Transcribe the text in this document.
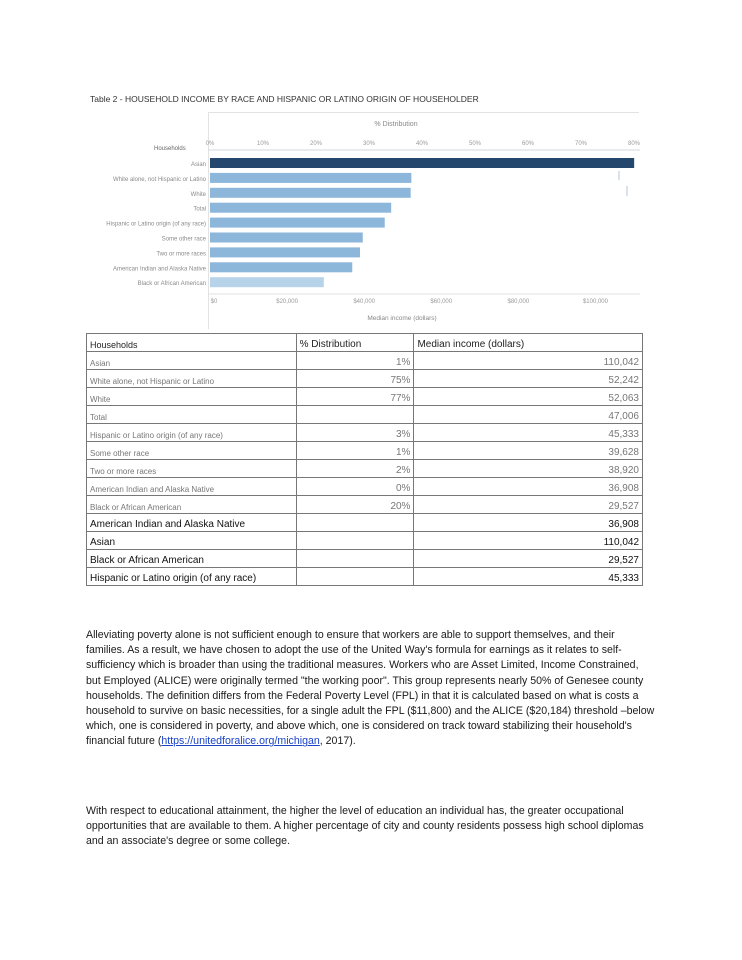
Table 2 - HOUSEHOLD INCOME BY RACE AND HISPANIC OR LATINO ORIGIN OF HOUSEHOLDER
% Distribution
0%	10%	20%	30%	40%	50%	60%	70%	80%
Households
Asian
White alone, not Hispanic or Latino
White
Total
Hispanic or Latino origin (of any race)
Some other race
Two or more races
American Indian and Alaska Native
Black or African American
$0	$20,000	$40,000	$60,000	$80,000	$100,000
Median income (dollars)
Households	% Distribution	Median income (dollars)
Asian	1%	110,042
White alone, not Hispanic or Latino	75%	52,242
White	77%	52,063
Total		47,006
Hispanic or Latino origin (of any race)	3%	45,333
Some other race	1%	39,628
Two or more races	2%	38,920
American Indian and Alaska Native	0%	36,908
Black or African American	20%	29,527
American Indian and Alaska Native		36,908
Asian		110,042
Black or African American		29,527
Hispanic or Latino origin (of any race)		45,333
Alleviating poverty alone is not sufficient enough to ensure that workers are able to support themselves, and their families. As a result, we have chosen to adopt the use of the United Way's formula for earnings as it relates to self-sufficiency which is broader than using the traditional measures. Workers who are Asset Limited, Income Constrained, but Employed (ALICE) were originally termed "the working poor". This group represents nearly 50% of Genesee county households. The definition differs from the Federal Poverty Level (FPL) in that it is calculated based on what is costs a household to survive on basic necessities, for a single adult the FPL ($11,800) and the ALICE ($20,184) threshold –below which, one is considered in poverty, and above which, one is considered on track toward stabilizing their household's financial future (https://unitedforalice.org/michigan, 2017).
With respect to educational attainment, the higher the level of education an individual has, the greater occupational opportunities that are available to them. A higher percentage of city and county residents possess high school diplomas and an associate's degree or some college.
